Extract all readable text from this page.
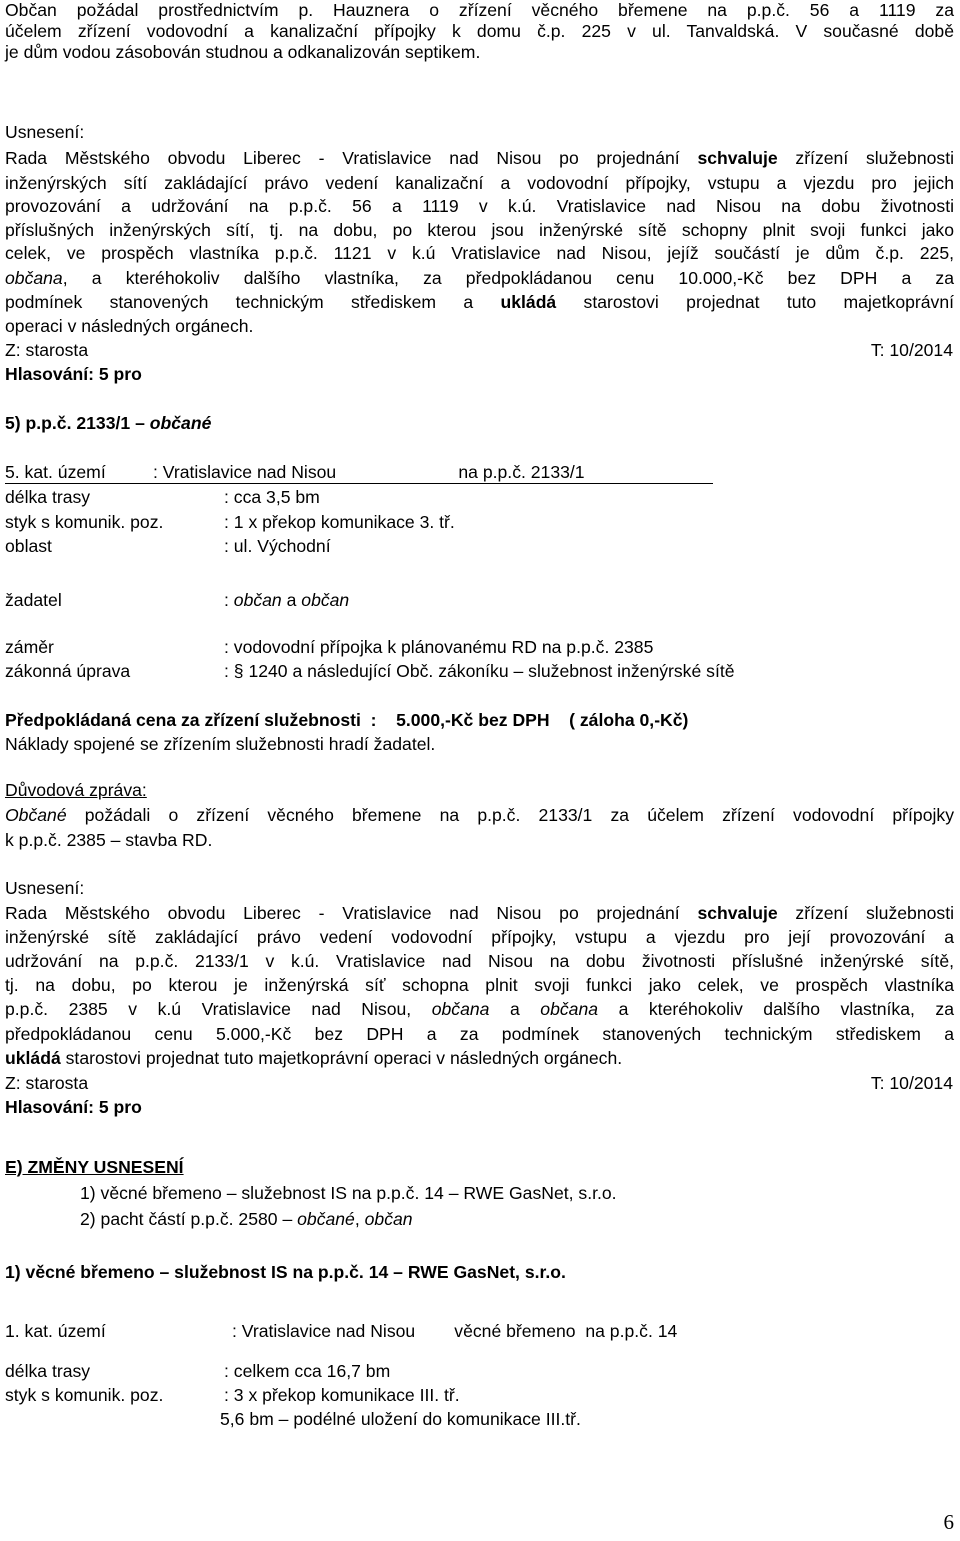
Občan požádal prostřednictvím p. Hauznera o zřízení věcného břemene na p.p.č. 56 a 1119 za
účelem zřízení vodovodní a kanalizační přípojky k domu č.p. 225 v ul. Tanvaldská. V současné době
je dům vodou zásobován studnou a odkanalizován septikem.
Usnesení:
Rada Městského obvodu Liberec - Vratislavice nad Nisou po projednání schvaluje zřízení služebnosti
inženýrských sítí zakládající právo vedení kanalizační a vodovodní přípojky, vstupu a vjezdu pro jejich
provozování a udržování na p.p.č. 56 a 1119 v k.ú. Vratislavice nad Nisou na dobu životnosti
příslušných inženýrských sítí, tj. na dobu, po kterou jsou inženýrské sítě schopny plnit svoji funkci jako
celek, ve prospěch vlastníka p.p.č. 1121 v k.ú Vratislavice nad Nisou, jejíž součástí je dům č.p. 225,
občana, a kteréhokoliv dalšího vlastníka, za předpokládanou cenu 10.000,-Kč bez DPH a za
podmínek stanovených technickým střediskem a ukládá starostovi projednat tuto majetkoprávní
operaci v následných orgánech.
Z: starosta	T: 10/2014
Hlasování: 5 pro
5) p.p.č. 2133/1 – občané
5. kat. území	: Vratislavice nad Nisou                         na p.p.č. 2133/1
délka trasy	: cca 3,5 bm
styk s komunik. poz.	: 1 x překop komunikace 3. tř.
oblast	: ul. Východní
žadatel	: občan a občan
záměr	: vodovodní přípojka k plánovanému RD na p.p.č. 2385
zákonná úprava	: § 1240 a následující Obč. zákoníku – služebnost inženýrské sítě
Předpokládaná cena za zřízení služebnosti  :    5.000,-Kč bez DPH    ( záloha 0,-Kč)
Náklady spojené se zřízením služebnosti hradí žadatel.
Důvodová zpráva:
Občané požádali o zřízení věcného břemene na p.p.č. 2133/1 za účelem zřízení vodovodní přípojky
k p.p.č. 2385 – stavba RD.
Usnesení:
Rada Městského obvodu Liberec - Vratislavice nad Nisou po projednání schvaluje zřízení služebnosti
inženýrské sítě zakládající právo vedení vodovodní přípojky, vstupu a vjezdu pro její provozování a
udržování na p.p.č. 2133/1 v k.ú. Vratislavice nad Nisou na dobu životnosti příslušné inženýrské sítě,
tj. na dobu, po kterou je inženýrská síť schopna plnit svoji funkci jako celek, ve prospěch vlastníka
p.p.č. 2385 v k.ú Vratislavice nad Nisou, občana a občana a kteréhokoliv dalšího vlastníka, za
předpokládanou cenu 5.000,-Kč bez DPH a za podmínek stanovených technickým střediskem a
ukládá starostovi projednat tuto majetkoprávní operaci v následných orgánech.
Z: starosta	T: 10/2014
Hlasování: 5 pro
E) ZMĚNY USNESENÍ
1) věcné břemeno – služebnost IS na p.p.č. 14 – RWE GasNet, s.r.o.
2) pacht částí p.p.č. 2580 – občané, občan
1) věcné břemeno – služebnost IS na p.p.č. 14 – RWE GasNet, s.r.o.
1. kat. území	: Vratislavice nad Nisou        věcné břemeno  na p.p.č. 14
délka trasy	: celkem cca 16,7 bm
styk s komunik. poz.	: 3 x překop komunikace III. tř.
5,6 bm – podélné uložení do komunikace III.tř.
6
